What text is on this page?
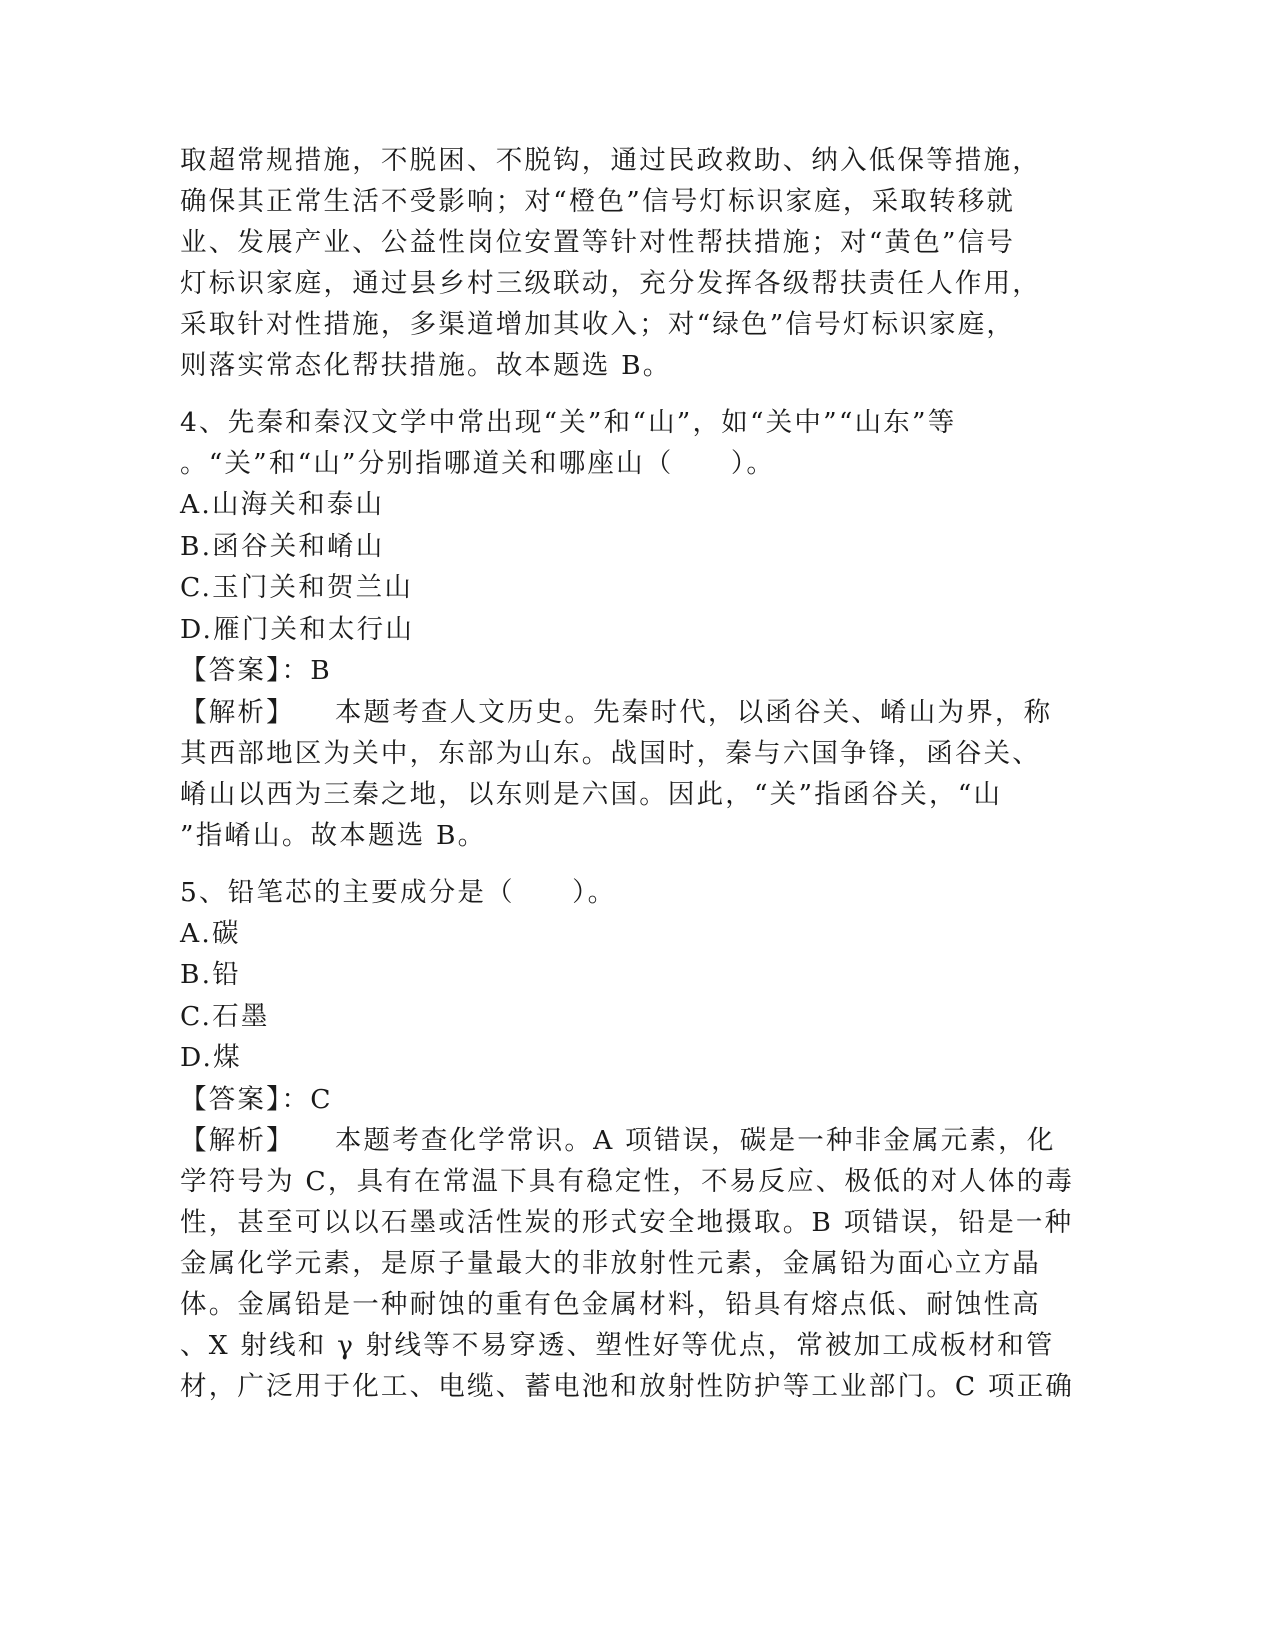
取超常规措施，不脱困、不脱钩，通过民政救助、纳入低保等措施，
确保其正常生活不受影响；对“橙色”信号灯标识家庭，采取转移就
业、发展产业、公益性岗位安置等针对性帮扶措施；对“黄色”信号
灯标识家庭，通过县乡村三级联动，充分发挥各级帮扶责任人作用，
采取针对性措施，多渠道增加其收入；对“绿色”信号灯标识家庭，
则落实常态化帮扶措施。故本题选 B。
4、先秦和秦汉文学中常出现“关”和“山”，如“关中”“山东”等
。“关”和“山”分别指哪道关和哪座山（　　）。
A.山海关和泰山
B.函谷关和崤山
C.玉门关和贺兰山
D.雁门关和太行山
【答案】：B
【解析】 本题考查人文历史。先秦时代，以函谷关、崤山为界，称
其西部地区为关中，东部为山东。战国时，秦与六国争锋，函谷关、
崤山以西为三秦之地，以东则是六国。因此，“关”指函谷关，“山
”指崤山。故本题选 B。
5、铅笔芯的主要成分是（　　）。
A.碳
B.铅
C.石墨
D.煤
【答案】：C
【解析】 本题考查化学常识。A 项错误，碳是一种非金属元素，化
学符号为 C，具有在常温下具有稳定性，不易反应、极低的对人体的毒
性，甚至可以以石墨或活性炭的形式安全地摄取。B 项错误，铅是一种
金属化学元素，是原子量最大的非放射性元素，金属铅为面心立方晶
体。金属铅是一种耐蚀的重有色金属材料，铅具有熔点低、耐蚀性高
、X 射线和 γ 射线等不易穿透、塑性好等优点，常被加工成板材和管
材，广泛用于化工、电缆、蓄电池和放射性防护等工业部门。C 项正确
